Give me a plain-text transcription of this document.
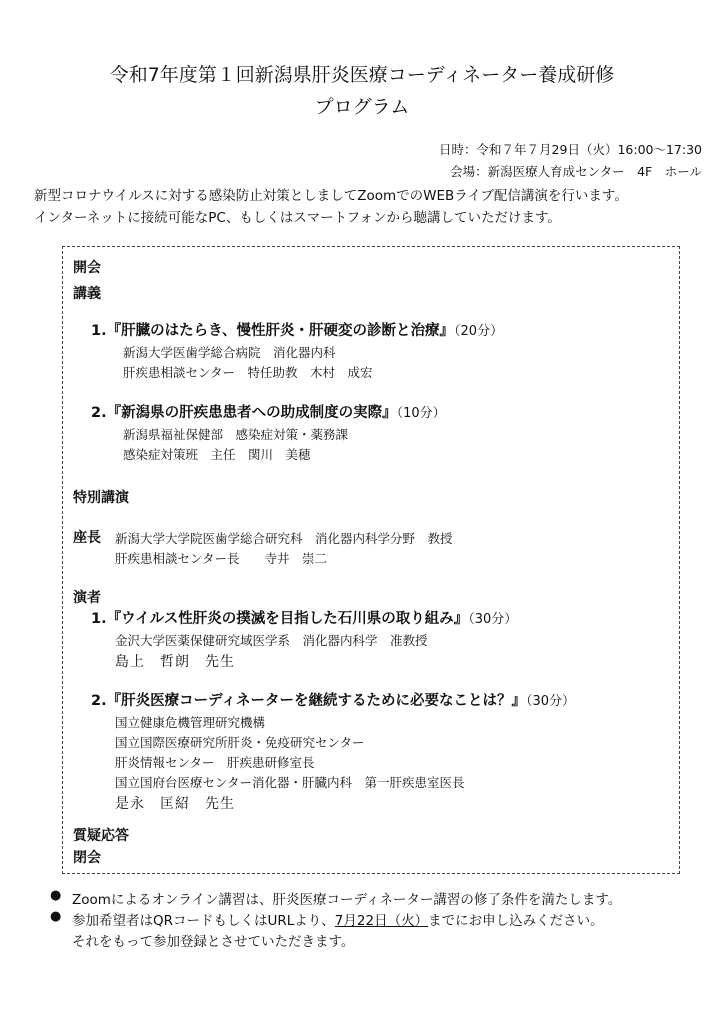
令和7年度第１回新潟県肝炎医療コーディネーター養成研修
プログラム
日時：令和７年７月29日（火）16:00～17:30
会場：新潟医療人育成センター　4F　ホール
新型コロナウイルスに対する感染防止対策としましてZoomでのWEBライブ配信講演を行います。
インターネットに接続可能なPC、もしくはスマートフォンから聴講していただけます。
開会
講義
1.『肝臓のはたらき、慢性肝炎・肝硬変の診断と治療』（20分）
新潟大学医歯学総合病院　消化器内科
肝疾患相談センター　特任助教　木村　成宏
2.『新潟県の肝疾患患者への助成制度の実際』（10分）
新潟県福祉保健部　感染症対策・薬務課
感染症対策班　主任　関川　美穂
特別講演
座長 新潟大学大学院医歯学総合研究科　消化器内科学分野　教授
肝疾患相談センター長　　寺井　崇二
演者
1.『ウイルス性肝炎の撲滅を目指した石川県の取り組み』（30分）
金沢大学医薬保健研究域医学系　消化器内科学　准教授
島上　哲朗　先生
2.『肝炎医療コーディネーターを継続するために必要なことは？』（30分）
国立健康危機管理研究機構
国立国際医療研究所肝炎・免疫研究センター
肝炎情報センター　肝疾患研修室長
国立国府台医療センター消化器・肝臓内科　第一肝疾患室医長
是永　匡紹　先生
質疑応答
閉会
● Zoomによるオンライン講習は、肝炎医療コーディネーター講習の修了条件を満たします。
● 参加希望者はQRコードもしくはURLより、7月22日（火）までにお申し込みください。
それをもって参加登録とさせていただきます。
